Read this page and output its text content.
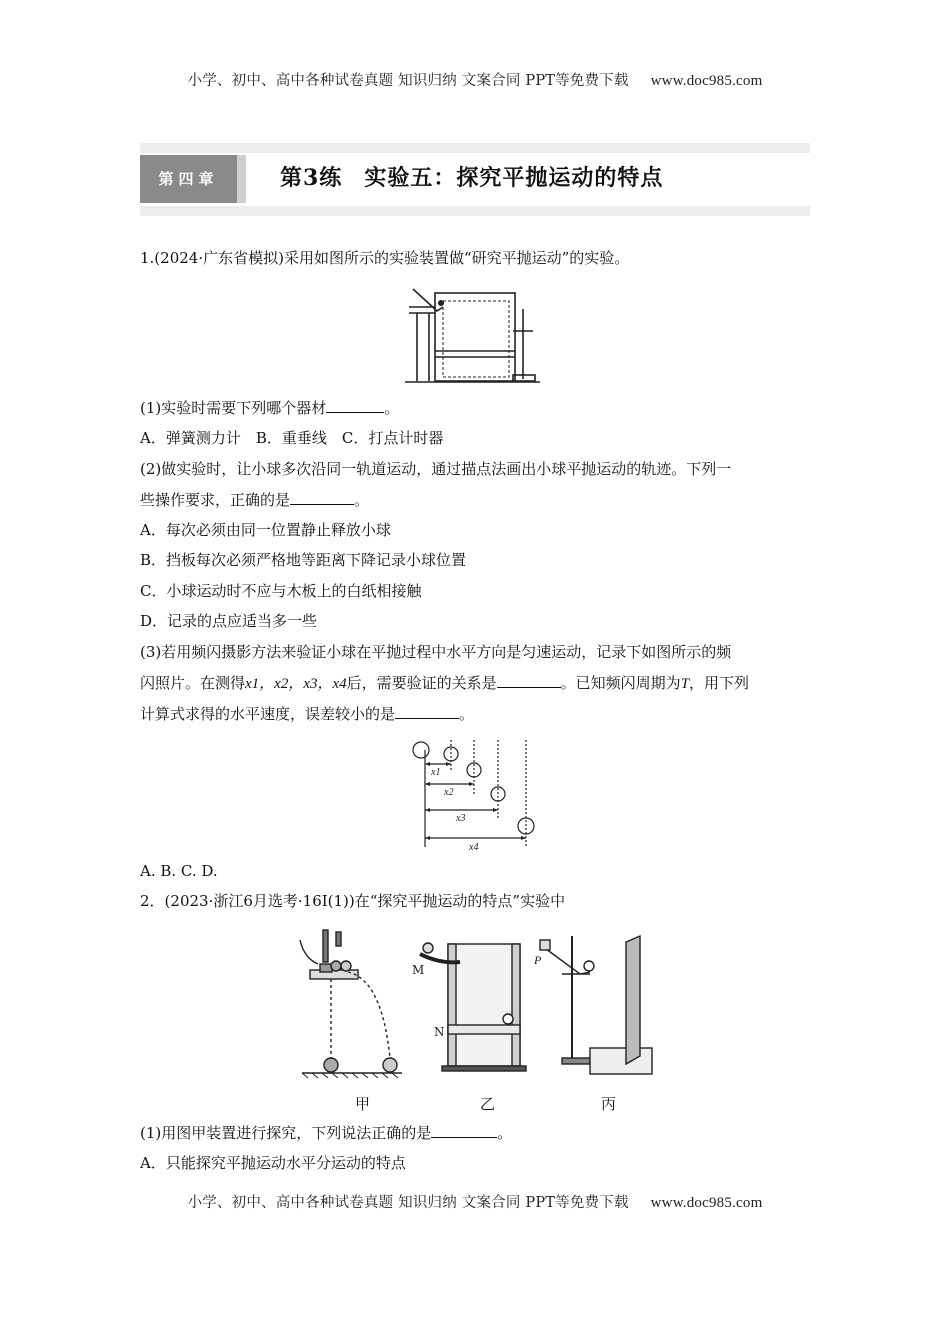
小学、初中、高中各种试卷真题 知识归纳 文案合同 PPT等免费下载 www.doc985.com
第四章	第3练 实验五：探究平抛运动的特点
1.(2024·广东省模拟)采用如图所示的实验装置做“研究平抛运动”的实验。
(1)实验时需要下列哪个器材	。
A．弹簧测力计　B．重垂线　C．打点计时器
(2)做实验时，让小球多次沿同一轨道运动，通过描点法画出小球平抛运动的轨迹。下列一
些操作要求，正确的是	。
A．每次必须由同一位置静止释放小球
B．挡板每次必须严格地等距离下降记录小球位置
C．小球运动时不应与木板上的白纸相接触
D．记录的点应适当多一些
(3)若用频闪摄影方法来验证小球在平抛过程中水平方向是匀速运动，记录下如图所示的频
闪照片。在测得x1，x2，x3，x4后，需要验证的关系是	。已知频闪周期为T，用下列
计算式求得的水平速度，误差较小的是	。
x1
x2
x3
x4
A. B. C. D.
2．(2023·浙江6月选考·16Ⅰ(1))在“探究平抛运动的特点”实验中
M
N
P
甲	乙	丙
(1)用图甲装置进行探究，下列说法正确的是	。
A．只能探究平抛运动水平分运动的特点
小学、初中、高中各种试卷真题 知识归纳 文案合同 PPT等免费下载 www.doc985.com
